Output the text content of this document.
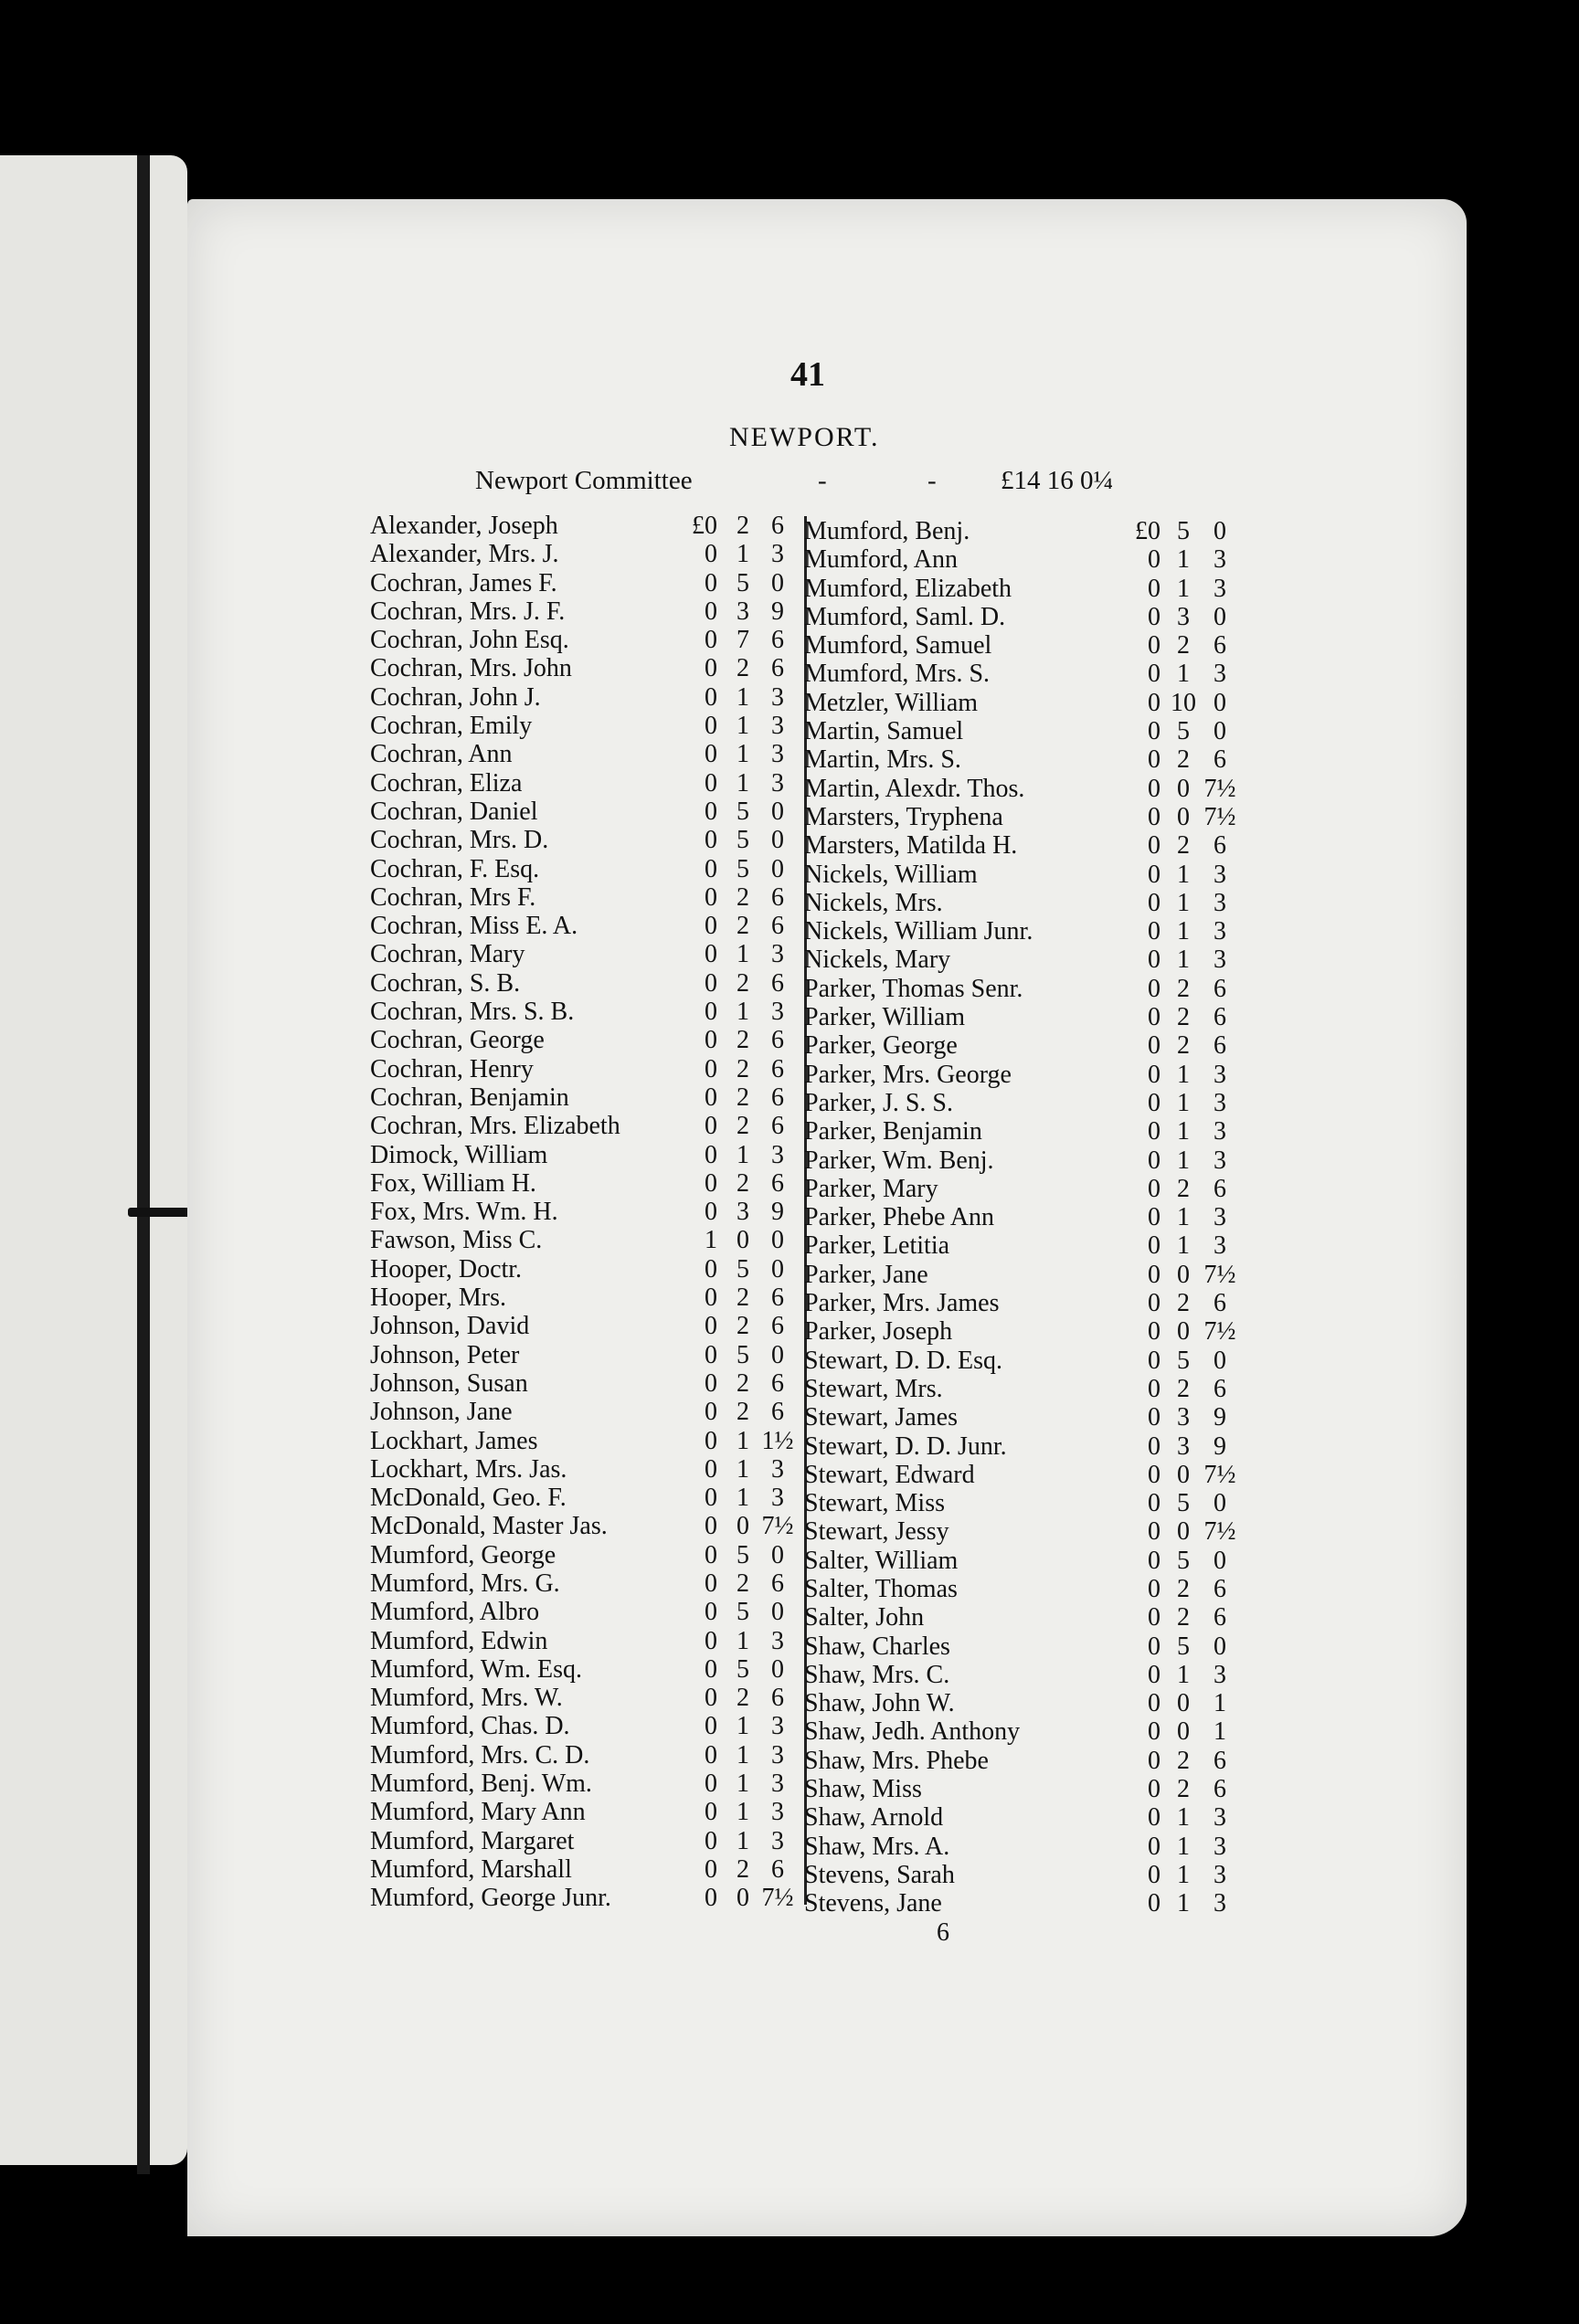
41
NEWPORT.
Newport Committee	-	- £14 16 0¼
Alexander, Joseph	£0 2 6
Alexander, Mrs. J.	0 1 3
Cochran, James F.	0 5 0
Cochran, Mrs. J. F.	0 3 9
Cochran, John Esq.	0 7 6
Cochran, Mrs. John	0 2 6
Cochran, John J.	0 1 3
Cochran, Emily	0 1 3
Cochran, Ann	0 1 3
Cochran, Eliza	0 1 3
Cochran, Daniel	0 5 0
Cochran, Mrs. D.	0 5 0
Cochran, F. Esq.	0 5 0
Cochran, Mrs F.	0 2 6
Cochran, Miss E. A.	0 2 6
Cochran, Mary	0 1 3
Cochran, S. B.	0 2 6
Cochran, Mrs. S. B.	0 1 3
Cochran, George	0 2 6
Cochran, Henry	0 2 6
Cochran, Benjamin	0 2 6
Cochran, Mrs. Elizabeth	0 2 6
Dimock, William	0 1 3
Fox, William H.	0 2 6
Fox, Mrs. Wm. H.	0 3 9
Fawson, Miss C.	1 0 0
Hooper, Doctr.	0 5 0
Hooper, Mrs.	0 2 6
Johnson, David	0 2 6
Johnson, Peter	0 5 0
Johnson, Susan	0 2 6
Johnson, Jane	0 2 6
Lockhart, James	0 1 1½
Lockhart, Mrs. Jas.	0 1 3
McDonald, Geo. F.	0 1 3
McDonald, Master Jas.	0 0 7½
Mumford, George	0 5 0
Mumford, Mrs. G.	0 2 6
Mumford, Albro	0 5 0
Mumford, Edwin	0 1 3
Mumford, Wm. Esq.	0 5 0
Mumford, Mrs. W.	0 2 6
Mumford, Chas. D.	0 1 3
Mumford, Mrs. C. D.	0 1 3
Mumford, Benj. Wm.	0 1 3
Mumford, Mary Ann	0 1 3
Mumford, Margaret	0 1 3
Mumford, Marshall	0 2 6
Mumford, George Junr.	0 0 7½
Mumford, Benj.	£0 5 0
Mumford, Ann	0 1 3
Mumford, Elizabeth	0 1 3
Mumford, Saml. D.	0 3 0
Mumford, Samuel	0 2 6
Mumford, Mrs. S.	0 1 3
Metzler, William	0 10 0
Martin, Samuel	0 5 0
Martin, Mrs. S.	0 2 6
Martin, Alexdr. Thos.	0 0 7½
Marsters, Tryphena	0 0 7½
Marsters, Matilda H.	0 2 6
Nickels, William	0 1 3
Nickels, Mrs.	0 1 3
Nickels, William Junr.	0 1 3
Nickels, Mary	0 1 3
Parker, Thomas Senr.	0 2 6
Parker, William	0 2 6
Parker, George	0 2 6
Parker, Mrs. George	0 1 3
Parker, J. S. S.	0 1 3
Parker, Benjamin	0 1 3
Parker, Wm. Benj.	0 1 3
Parker, Mary	0 2 6
Parker, Phebe Ann	0 1 3
Parker, Letitia	0 1 3
Parker, Jane	0 0 7½
Parker, Mrs. James	0 2 6
Parker, Joseph	0 0 7½
Stewart, D. D. Esq.	0 5 0
Stewart, Mrs.	0 2 6
Stewart, James	0 3 9
Stewart, D. D. Junr.	0 3 9
Stewart, Edward	0 0 7½
Stewart, Miss	0 5 0
Stewart, Jessy	0 0 7½
Salter, William	0 5 0
Salter, Thomas	0 2 6
Salter, John	0 2 6
Shaw, Charles	0 5 0
Shaw, Mrs. C.	0 1 3
Shaw, John W.	0 0 1
Shaw, Jedh. Anthony	0 0 1
Shaw, Mrs. Phebe	0 2 6
Shaw, Miss	0 2 6
Shaw, Arnold	0 1 3
Shaw, Mrs. A.	0 1 3
Stevens, Sarah	0 1 3
Stevens, Jane	0 1 3
6
